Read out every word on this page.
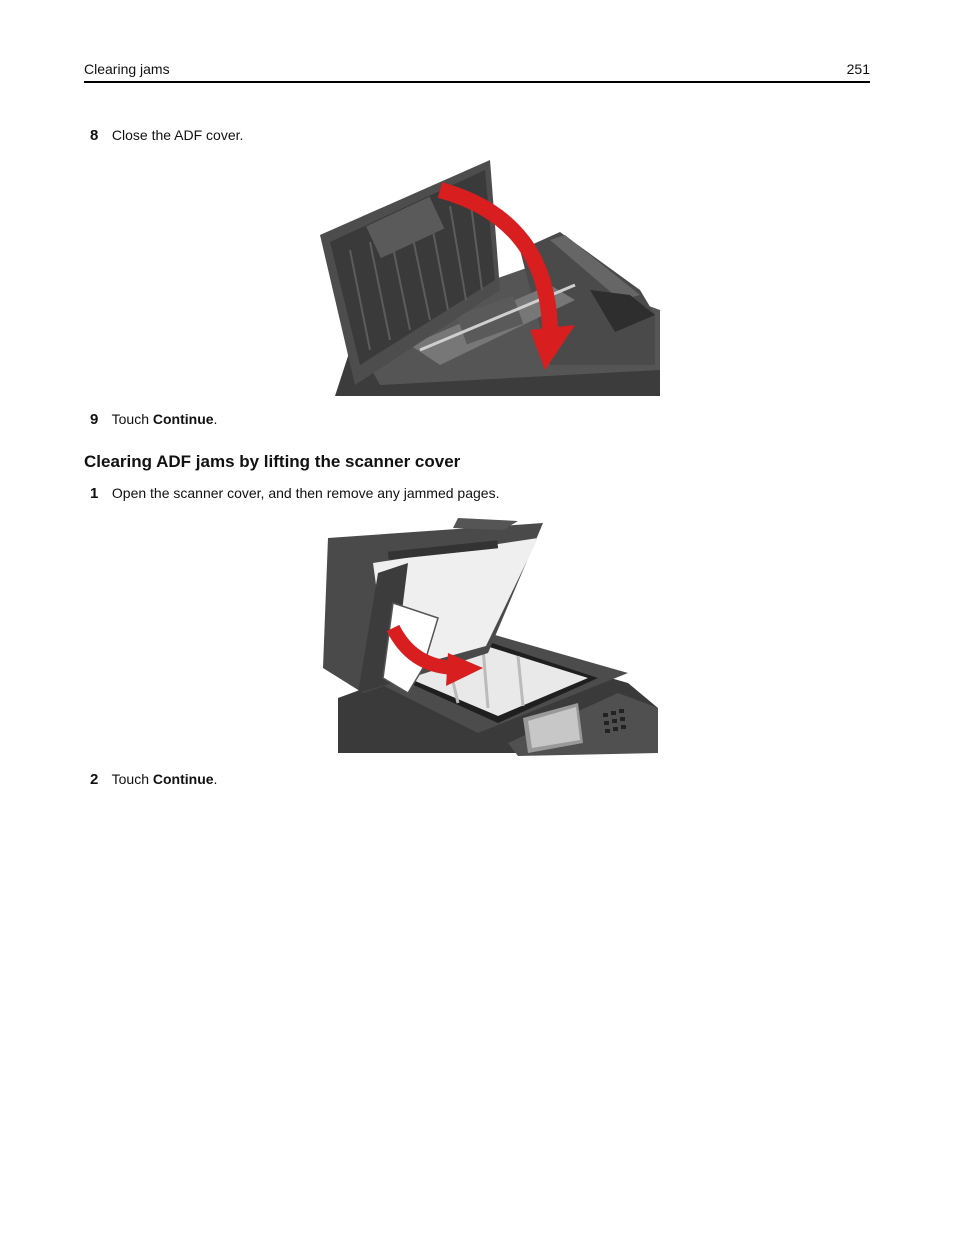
Clearing jams	251
8 Close the ADF cover.
9 Touch Continue.
Clearing ADF jams by lifting the scanner cover
1 Open the scanner cover, and then remove any jammed pages.
2 Touch Continue.
